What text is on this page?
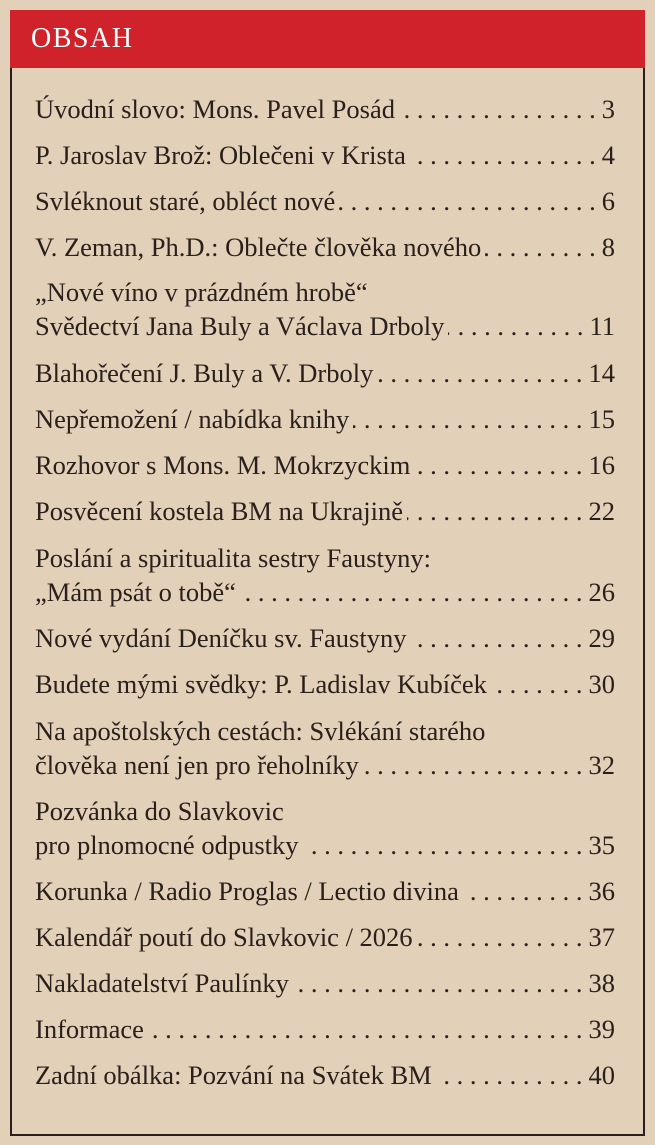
OBSAH
Úvodní slovo: Mons. Pavel Posád . . .	3
P. Jaroslav Brož: Oblečeni v Krista . . .	4
Svléknout staré, obléct nové . . .	6
V. Zeman, Ph.D.: Oblečte člověka nového . . .	8
„Nové víno v prázdném hrobě“
Svědectví Jana Buly a Václava Drboly . . .	11
Blahořečení J. Buly a V. Drboly . . .	14
Nepřemožení / nabídka knihy . . .	15
Rozhovor s Mons. M. Mokrzyckim . . .	16
Posvěcení kostela BM na Ukrajině . . .	22
Poslání a spiritualita sestry Faustyny:
„Mám psát o tobě“ . . .	26
Nové vydání Deníčku sv. Faustyny . . .	29
Budete mými svědky: P. Ladislav Kubíček . . .	30
Na apoštolských cestách: Svlékání starého
člověka není jen pro řeholníky . . .	32
Pozvánka do Slavkovic
pro plnomocné odpustky . . .	35
Korunka / Radio Proglas / Lectio divina . . .	36
Kalendář poutí do Slavkovic / 2026 . . .	37
Nakladatelství Paulínky . . .	38
Informace . . .	39
Zadní obálka: Pozvání na Svátek BM . . .	40
